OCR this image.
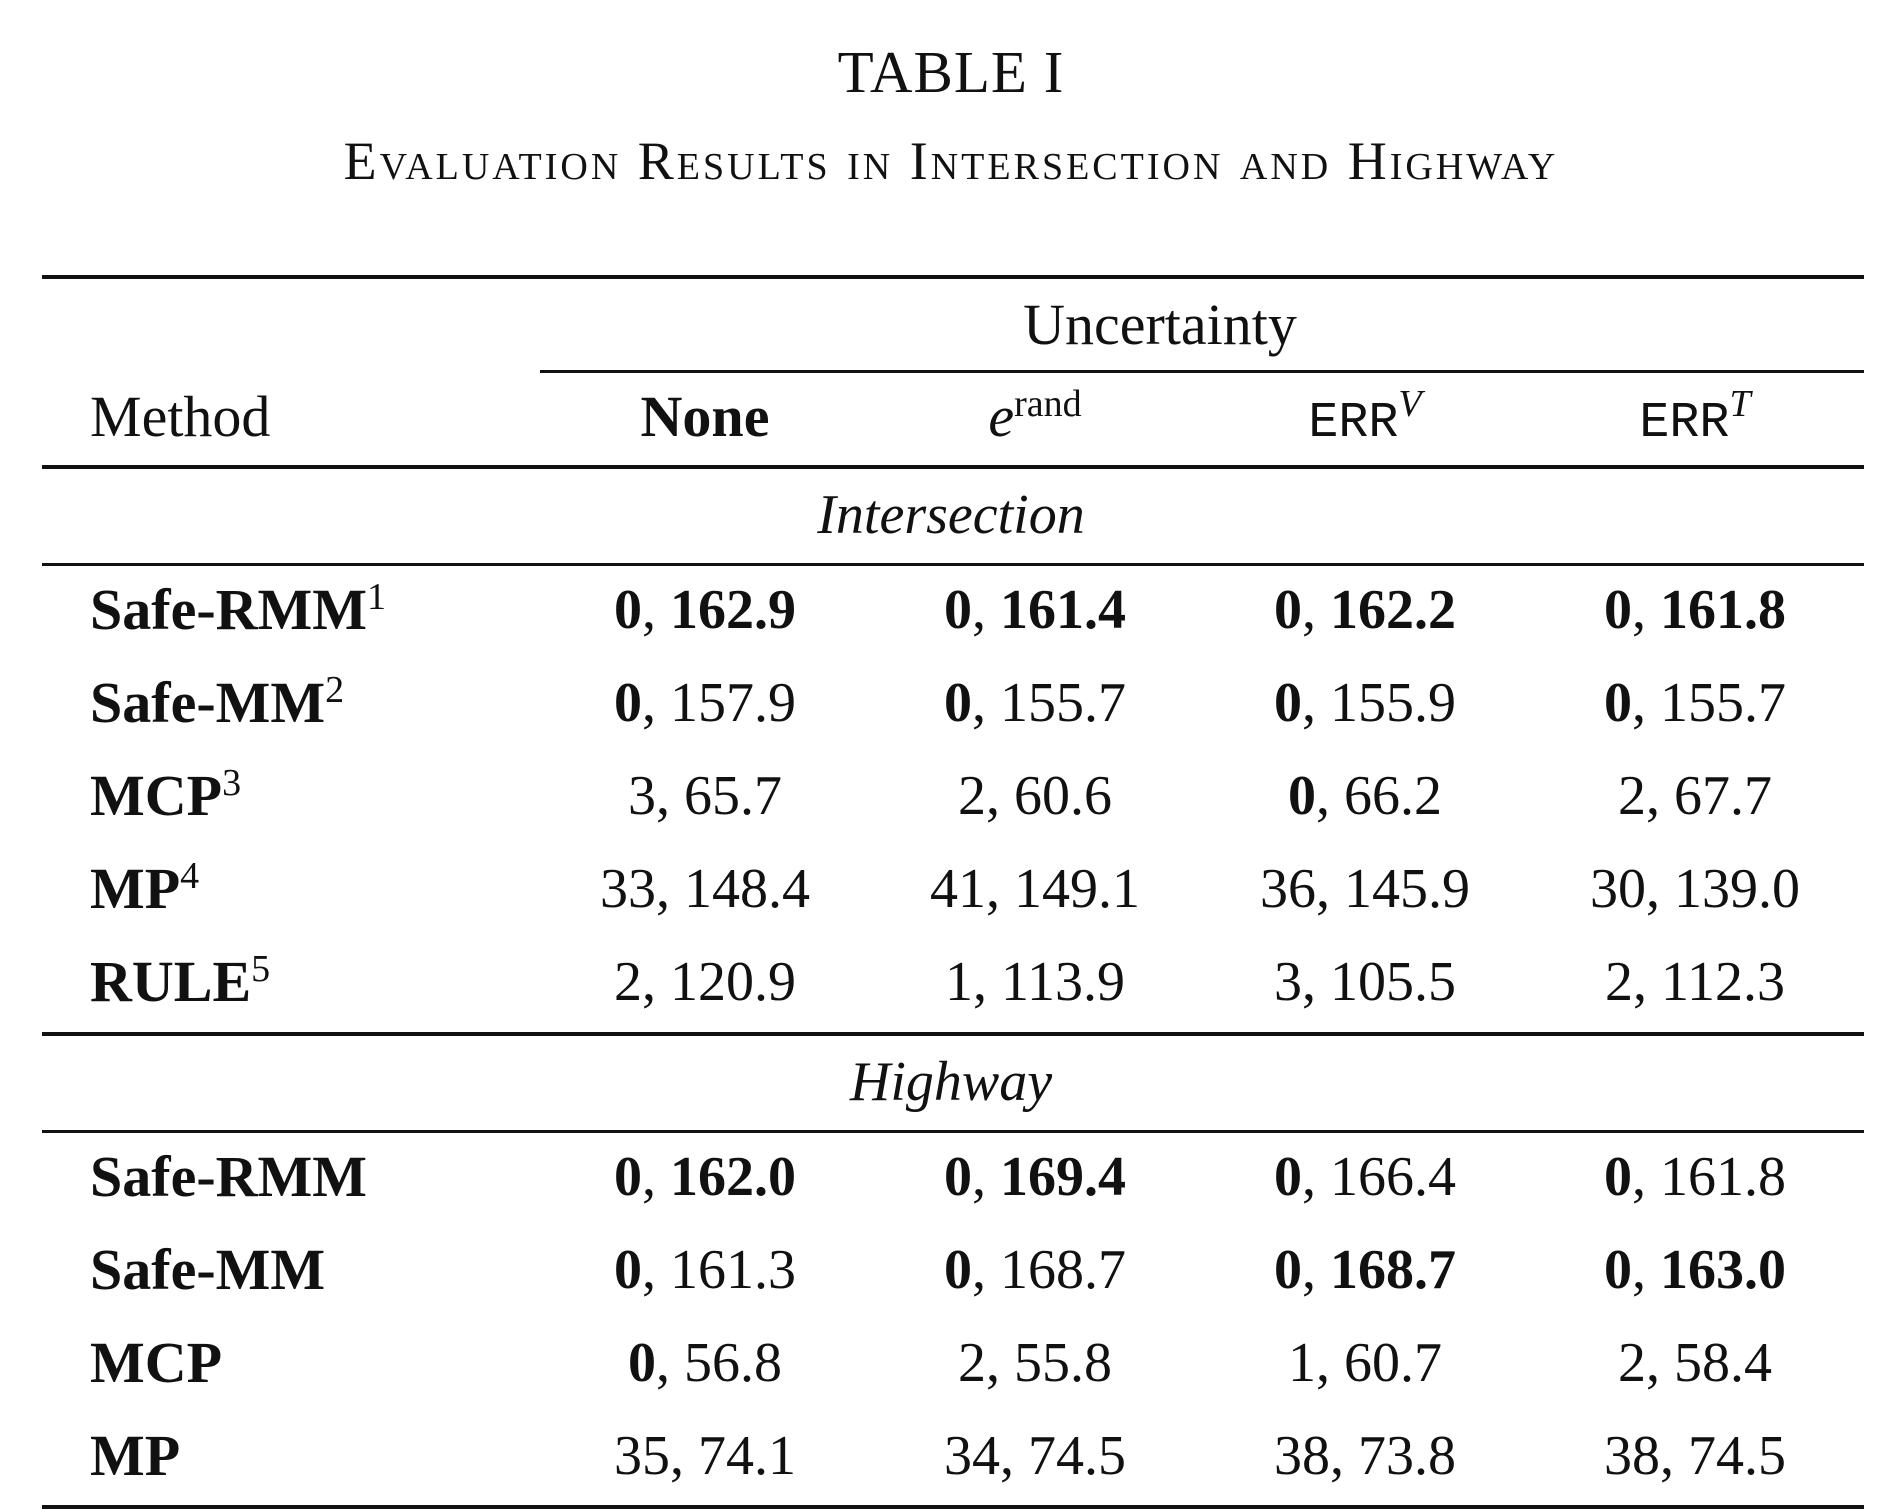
TABLE I
Evaluation Results in Intersection and Highway
Uncertainty
Method	None	$e^{rand}$	$ERR^V$	$ERR^T$
Intersection
Safe-RMM$^1$	0, 162.9	0, 161.4	0, 162.2	0, 161.8
Safe-$MM^2$	0, 157.9	0, 155.7	0, 155.9	0, 155.7
MCP$^3$	3, 65.7	2, 60.6	0, 66.2	2, 67.7
$MP^4$	33, 148.4	41, 149.1	36, 145.9	30, 139.0
RULE$^5$	2, 120.9	1, 113.9	3, 105.5	2, 112.3
Highway
Safe-RMM	0, 162.0	0, 169.4	0, 166.4	0, 161.8
Safe-MM	0, 161.3	0, 168.7	0, 168.7	0, 163.0
MCP	0, 56.8	2, 55.8	1, 60.7	2, 58.4
MP	35, 74.1	34, 74.5	38, 73.8	38, 74.5
